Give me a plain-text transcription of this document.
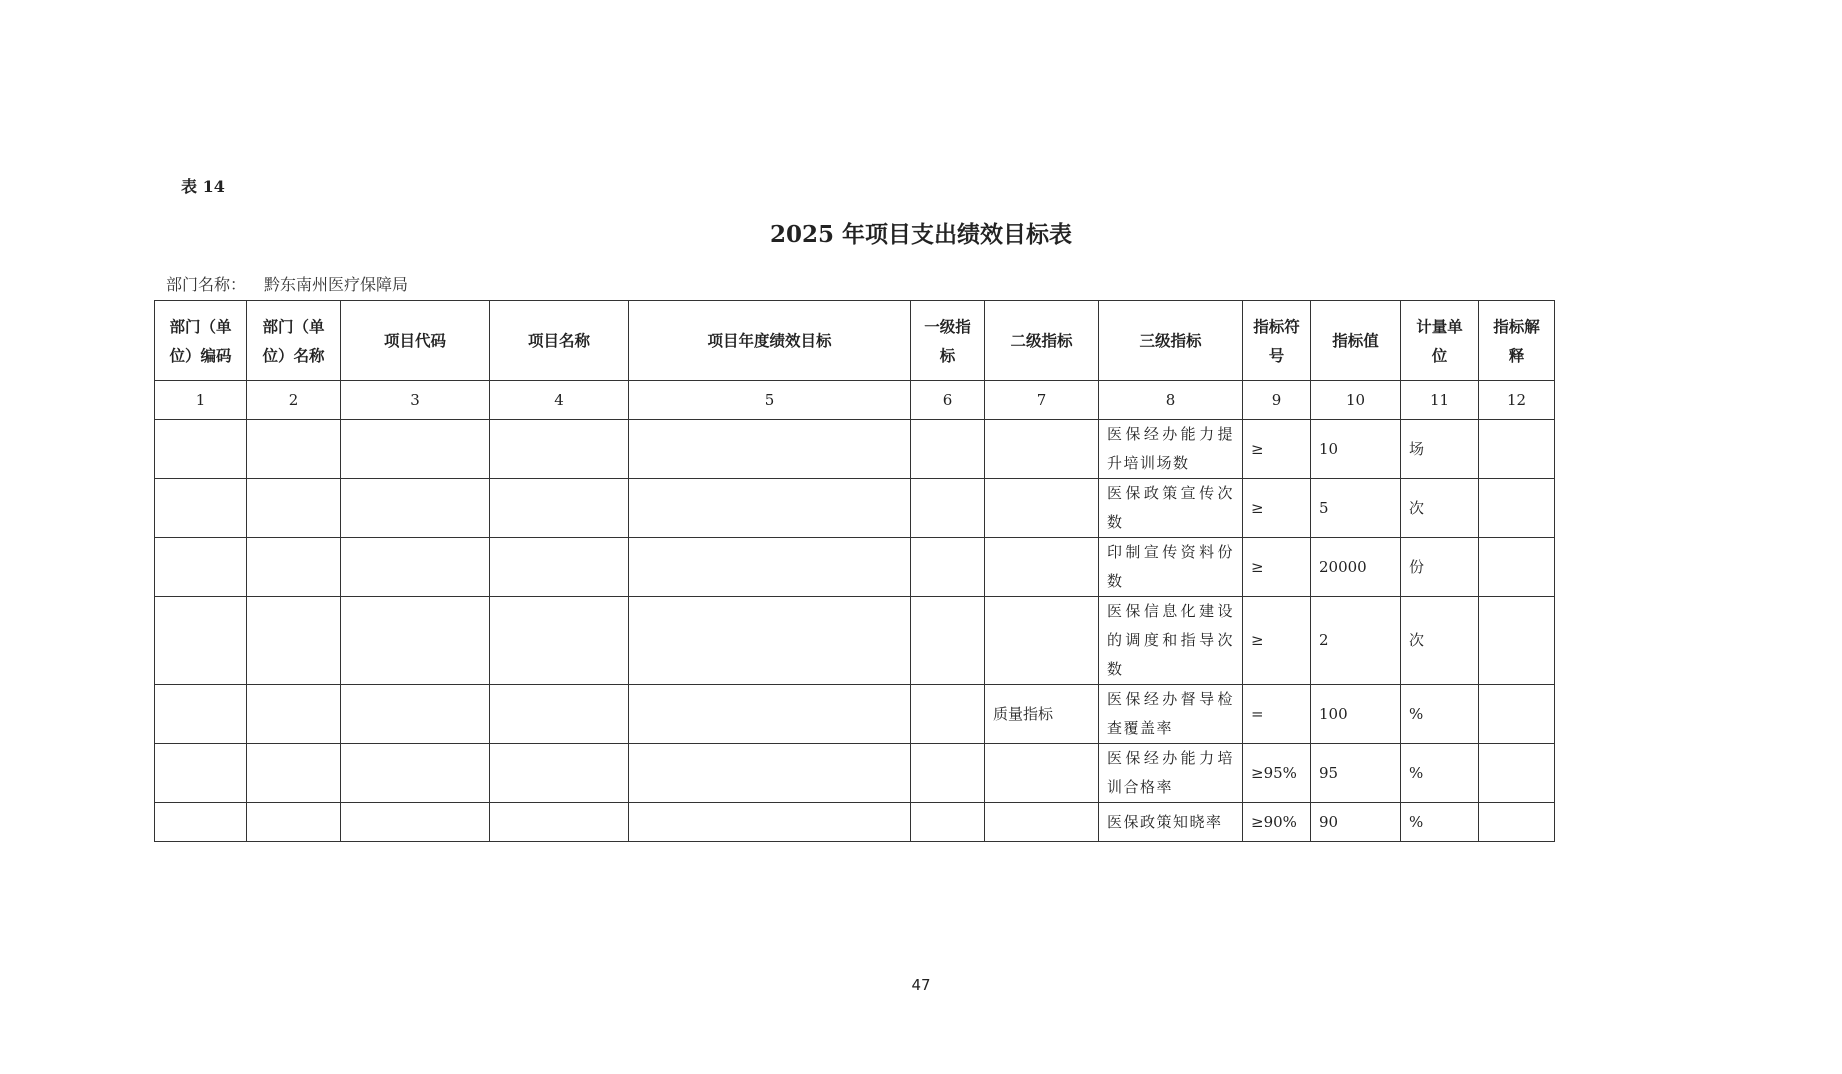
表 14
2025 年项目支出绩效目标表
部门名称： 黔东南州医疗保障局
部门（单位）编码	部门（单位）名称	项目代码	项目名称	项目年度绩效目标	一级指标	二级指标	三级指标	指标符号	指标值	计量单位	指标解释
1	2	3	4	5	6	7	8	9	10	11	12
							医保经办能力提升培训场数	≥	10	场	
							医保政策宣传次数	≥	5	次	
							印制宣传资料份数	≥	20000	份	
							医保信息化建设的调度和指导次数	≥	2	次	
						质量指标	医保经办督导检查覆盖率	=	100	%	
							医保经办能力培训合格率	≥95%	95	%	
							医保政策知晓率	≥90%	90	%	
47
